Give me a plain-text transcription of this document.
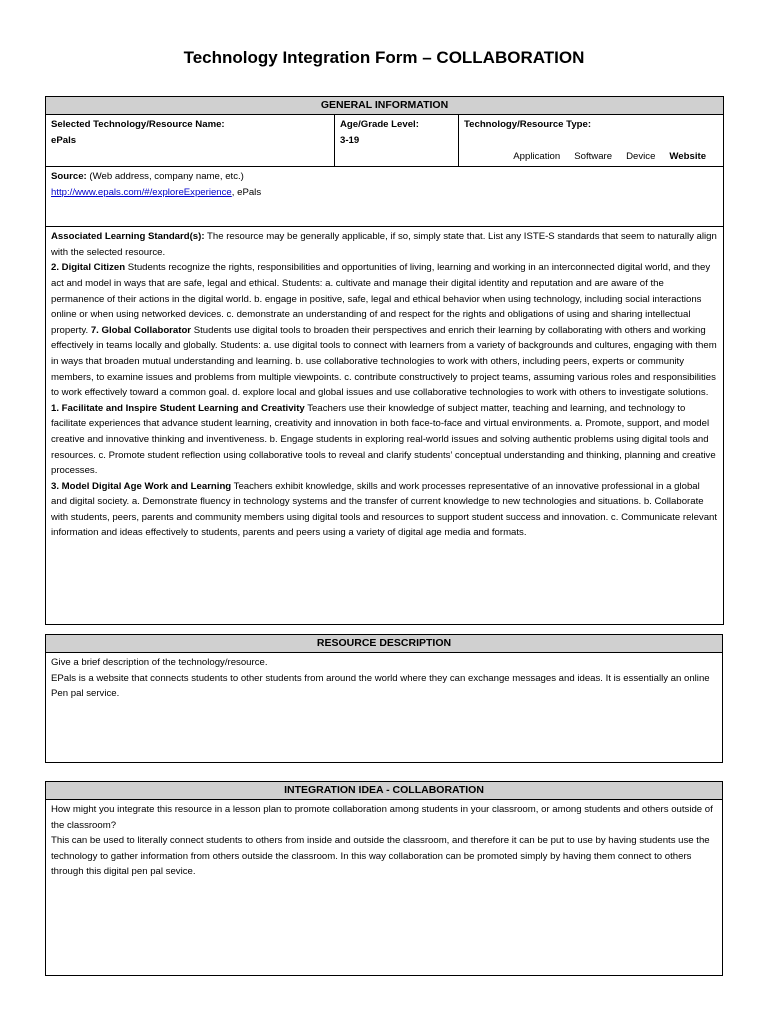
Technology Integration Form – COLLABORATION
GENERAL INFORMATION

Selected Technology/Resource Name:
ePals

Age/Grade Level:
3-19

Technology/Resource Type:
Application Software Device Website

Source: (Web address, company name, etc.)
http://www.epals.com/#/exploreExperience, ePals

Associated Learning Standard(s): The resource may be generally applicable, if so, simply state that. List any ISTE-S standards that seem to naturally align with the selected resource.

2. Digital Citizen Students recognize the rights, responsibilities and opportunities of living, learning and working in an interconnected digital world, and they act and model in ways that are safe, legal and ethical. Students: a. cultivate and manage their digital identity and reputation and are aware of the permanence of their actions in the digital world. b. engage in positive, safe, legal and ethical behavior when using technology, including social interactions online or when using networked devices. c. demonstrate an understanding of and respect for the rights and obligations of using and sharing intellectual property. 7. Global Collaborator Students use digital tools to broaden their perspectives and enrich their learning by collaborating with others and working effectively in teams locally and globally. Students: a. use digital tools to connect with learners from a variety of backgrounds and cultures, engaging with them in ways that broaden mutual understanding and learning. b. use collaborative technologies to work with others, including peers, experts or community members, to examine issues and problems from multiple viewpoints. c. contribute constructively to project teams, assuming various roles and responsibilities to work effectively toward a common goal. d. explore local and global issues and use collaborative technologies to work with others to investigate solutions. 1. Facilitate and Inspire Student Learning and Creativity Teachers use their knowledge of subject matter, teaching and learning, and technology to facilitate experiences that advance student learning, creativity and innovation in both face-to-face and virtual environments. a. Promote, support, and model creative and innovative thinking and inventiveness. b. Engage students in exploring real-world issues and solving authentic problems using digital tools and resources. c. Promote student reflection using collaborative tools to reveal and clarify students’ conceptual understanding and thinking, planning and creative processes.

3. Model Digital Age Work and Learning Teachers exhibit knowledge, skills and work processes representative of an innovative professional in a global and digital society. a. Demonstrate fluency in technology systems and the transfer of current knowledge to new technologies and situations. b. Collaborate with students, peers, parents and community members using digital tools and resources to support student success and innovation. c. Communicate relevant information and ideas effectively to students, parents and peers using a variety of digital age media and formats.

RESOURCE DESCRIPTION

Give a brief description of the technology/resource.

EPals is a website that connects students to other students from around the world where they can exchange messages and ideas. It is essentially an online Pen pal service.

INTEGRATION IDEA - COLLABORATION

How might you integrate this resource in a lesson plan to promote collaboration among students in your classroom, or among students and others outside of the classroom?

This can be used to literally connect students to others from inside and outside the classroom, and therefore it can be put to use by having students use the technology to gather information from others outside the classroom. In this way collaboration can be promoted simply by having them connect to others through this digital pen pal sevice.
